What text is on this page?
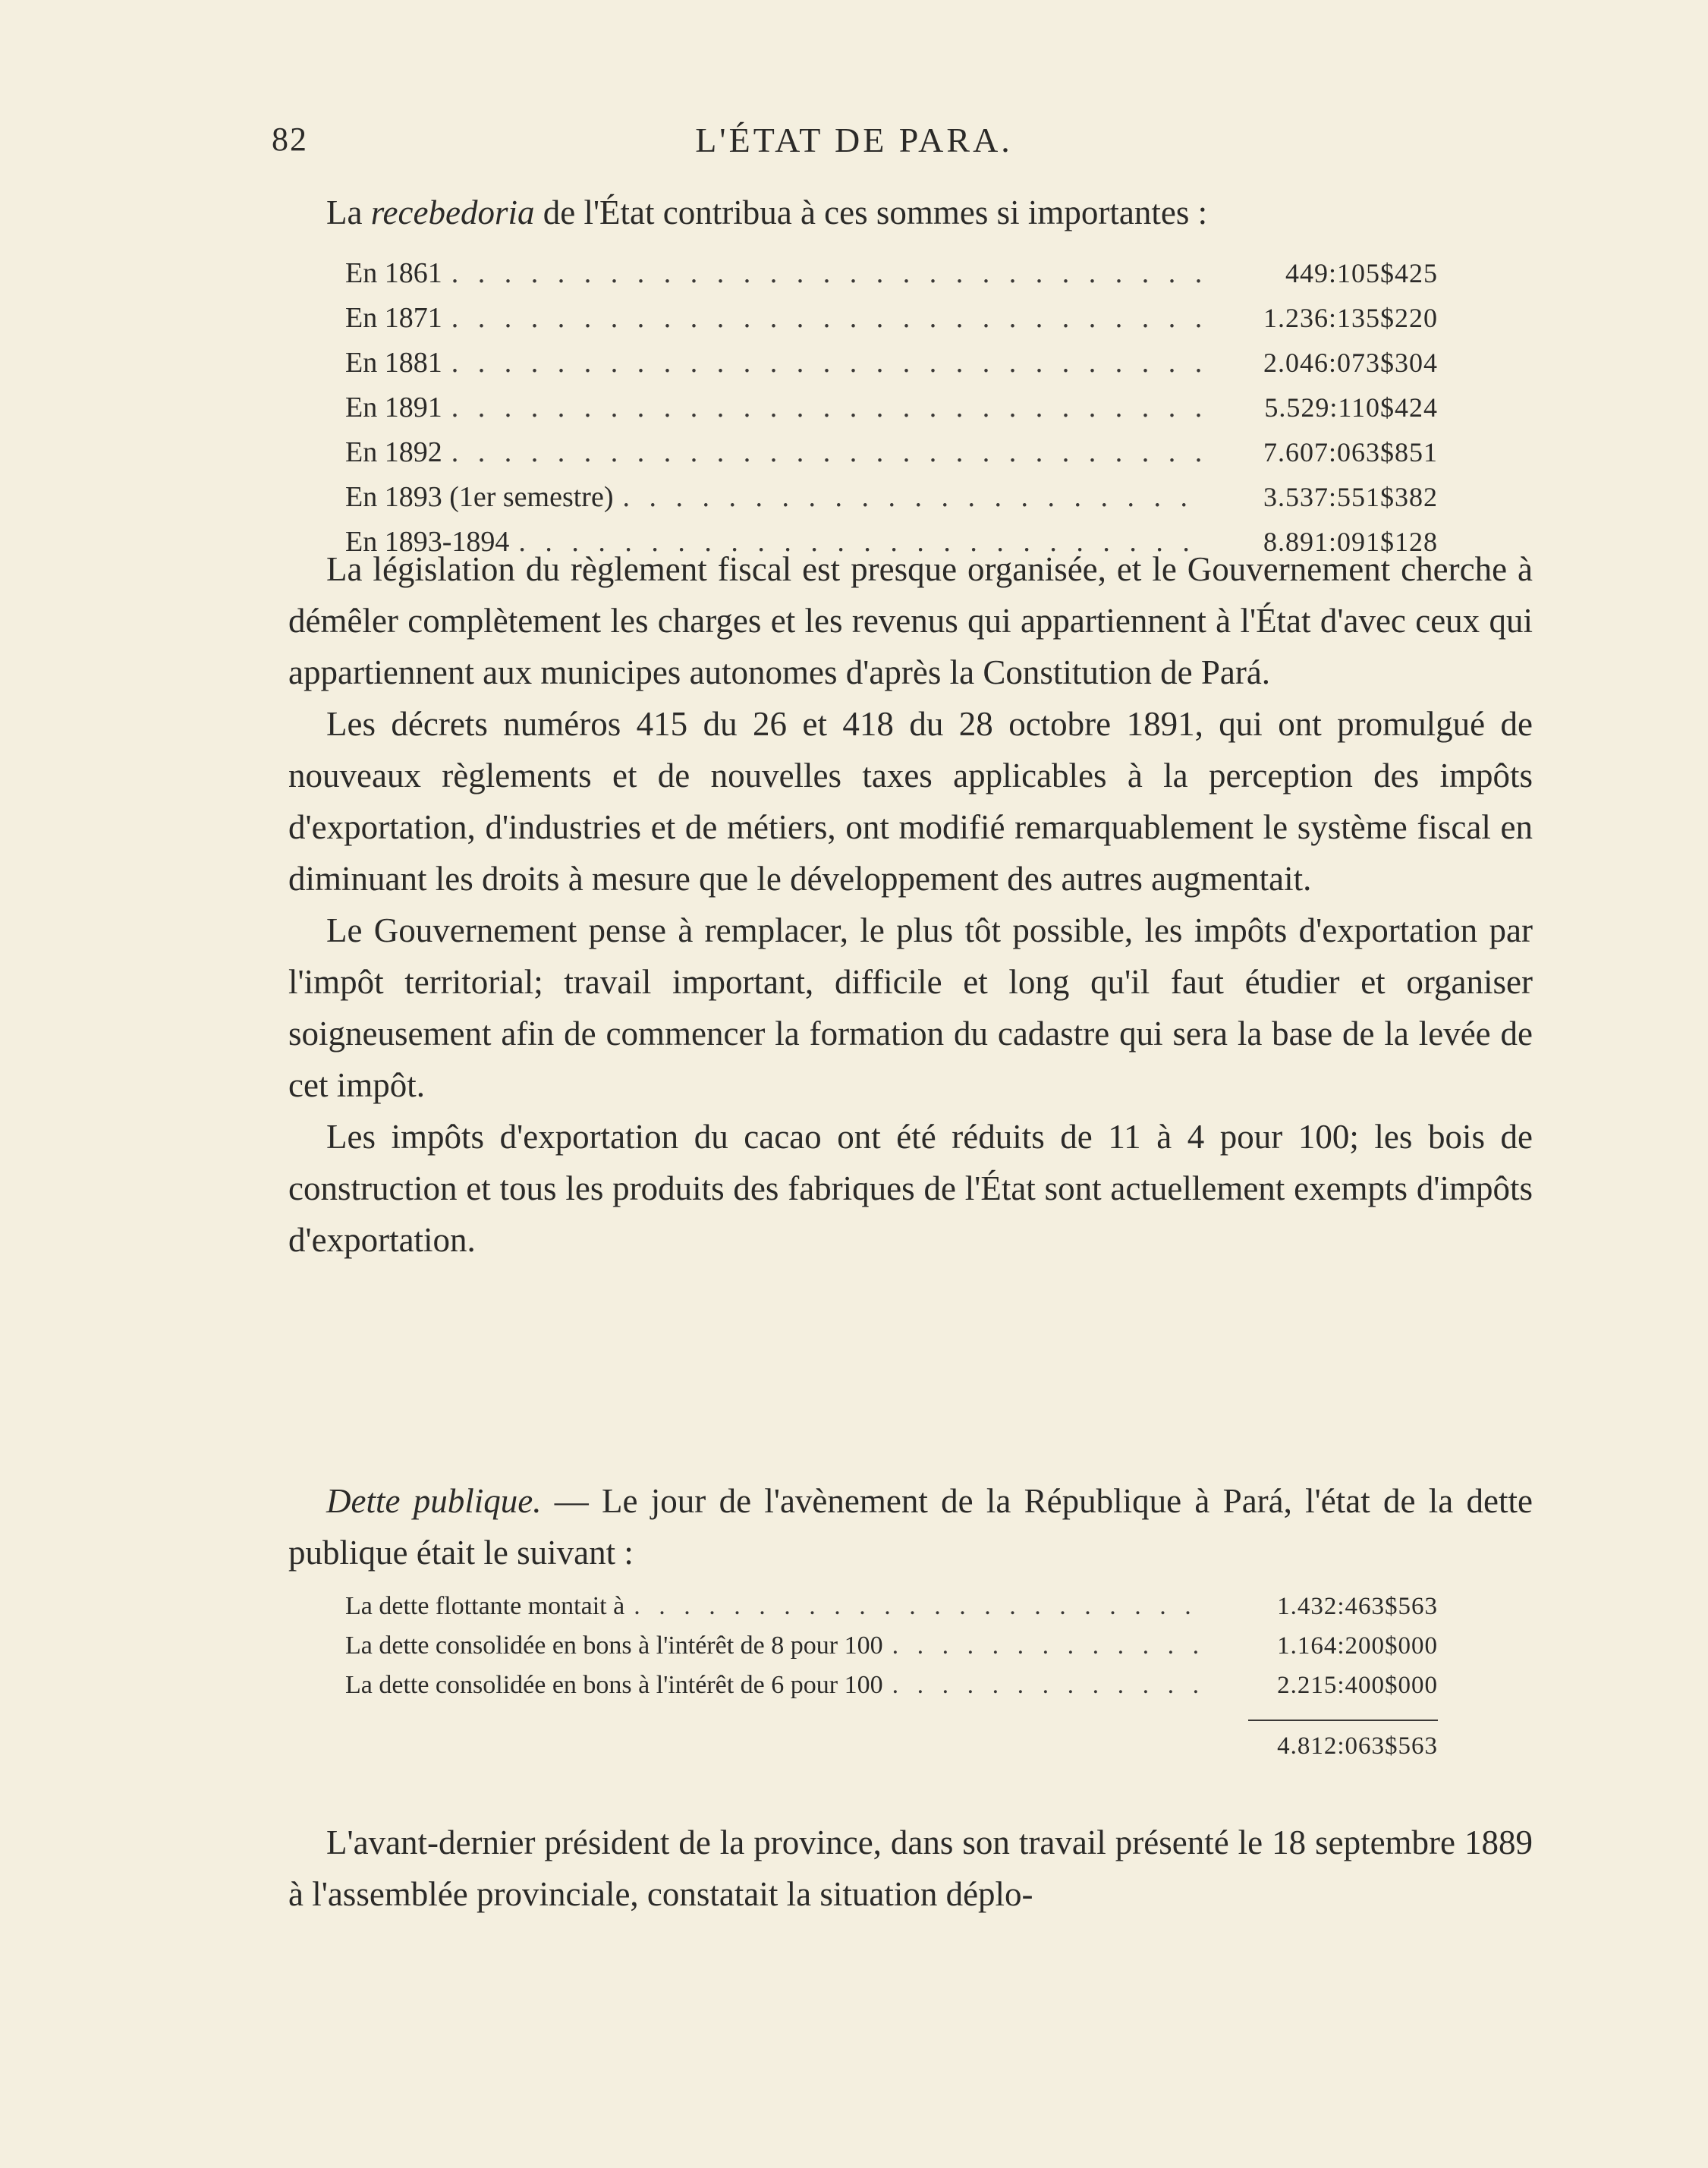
82	L'ÉTAT DE PARA.

La recebedoria de l'État contribua à ces sommes si importantes :

En 1861 . . .	449:105$425
En 1871 . . .	1.236:135$220
En 1881 . . .	2.046:073$304
En 1891 . . .	5.529:110$424
En 1892 . . .	7.607:063$851
En 1893 (1er semestre) . . .	3.537:551$382
En 1893-1894 . . .	8.891:091$128

La législation du règlement fiscal est presque organisée, et le Gouvernement cherche à démêler complètement les charges et les revenus qui appartiennent à l'État d'avec ceux qui appartiennent aux municipes autonomes d'après la Constitution de Pará.

Les décrets numéros 415 du 26 et 418 du 28 octobre 1891, qui ont promulgué de nouveaux règlements et de nouvelles taxes applicables à la perception des impôts d'exportation, d'industries et de métiers, ont modifié remarquablement le système fiscal en diminuant les droits à mesure que le développement des autres augmentait.

Le Gouvernement pense à remplacer, le plus tôt possible, les impôts d'exportation par l'impôt territorial; travail important, difficile et long qu'il faut étudier et organiser soigneusement afin de commencer la formation du cadastre qui sera la base de la levée de cet impôt.

Les impôts d'exportation du cacao ont été réduits de 11 à 4 pour 100; les bois de construction et tous les produits des fabriques de l'État sont actuellement exempts d'impôts d'exportation.

Dette publique. — Le jour de l'avènement de la République à Pará, l'état de la dette publique était le suivant :

La dette flottante montait à . . .	1.432:463$563
La dette consolidée en bons à l'intérêt de 8 pour 100 . . .	1.164:200$000
La dette consolidée en bons à l'intérêt de 6 pour 100 . . .	2.215:400$000
4.812:063$563

L'avant-dernier président de la province, dans son travail présenté le 18 septembre 1889 à l'assemblée provinciale, constatait la situation déplo-
